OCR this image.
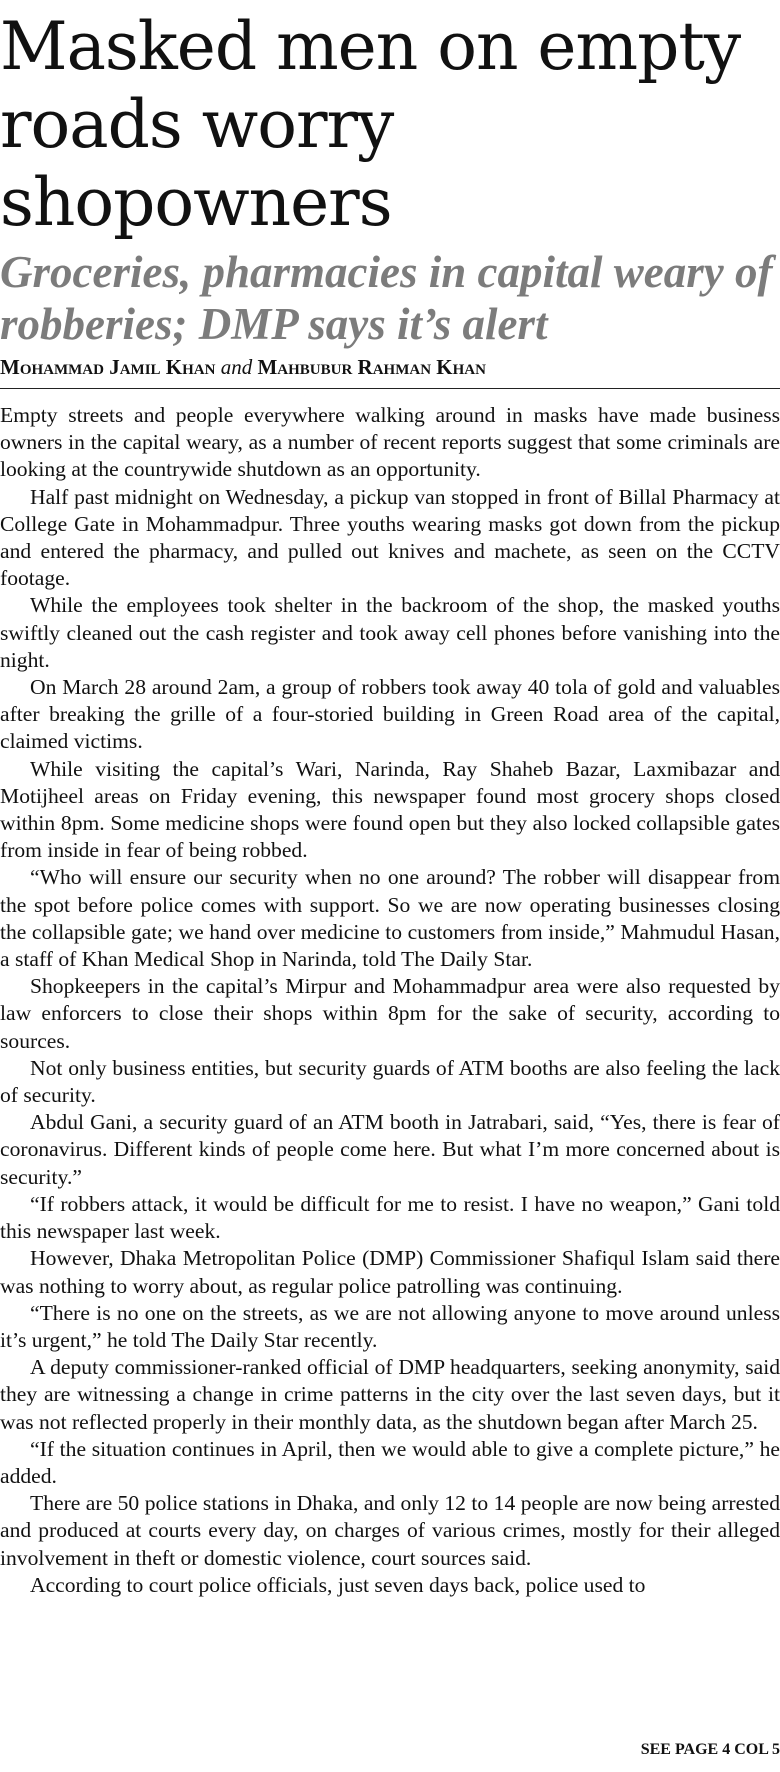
Masked men on empty roads worry shopowners
Groceries, pharmacies in capital weary of robberies; DMP says it’s alert
Mohammad Jamil Khan and Mahbubur Rahman Khan

Empty streets and people everywhere walking around in masks have made business owners in the capital weary, as a number of recent reports suggest that some criminals are looking at the countrywide shutdown as an opportunity.

Half past midnight on Wednesday, a pickup van stopped in front of Billal Pharmacy at College Gate in Mohammadpur. Three youths wearing masks got down from the pickup and entered the pharmacy, and pulled out knives and machete, as seen on the CCTV footage.

While the employees took shelter in the backroom of the shop, the masked youths swiftly cleaned out the cash register and took away cell phones before vanishing into the night.

On March 28 around 2am, a group of robbers took away 40 tola of gold and valuables after breaking the grille of a four-storied building in Green Road area of the capital, claimed victims.

While visiting the capital’s Wari, Narinda, Ray Shaheb Bazar, Laxmibazar and Motijheel areas on Friday evening, this newspaper found most grocery shops closed within 8pm. Some medicine shops were found open but they also locked collapsible gates from inside in fear of being robbed.

“Who will ensure our security when no one around? The robber will disappear from the spot before police comes with support. So we are now operating businesses closing the collapsible gate; we hand over medicine to customers from inside,” Mahmudul Hasan, a staff of Khan Medical Shop in Narinda, told The Daily Star.

Shopkeepers in the capital’s Mirpur and Mohammadpur area were also requested by law enforcers to close their shops within 8pm for the sake of security, according to sources.

Not only business entities, but security guards of ATM booths are also feeling the lack of security.

Abdul Gani, a security guard of an ATM booth in Jatrabari, said, “Yes, there is fear of coronavirus. Different kinds of people come here. But what I’m more concerned about is security.”

“If robbers attack, it would be difficult for me to resist. I have no weapon,” Gani told this newspaper last week.

However, Dhaka Metropolitan Police (DMP) Commissioner Shafiqul Islam said there was nothing to worry about, as regular police patrolling was continuing.

“There is no one on the streets, as we are not allowing anyone to move around unless it’s urgent,” he told The Daily Star recently.

A deputy commissioner-ranked official of DMP headquarters, seeking anonymity, said they are witnessing a change in crime patterns in the city over the last seven days, but it was not reflected properly in their monthly data, as the shutdown began after March 25.

“If the situation continues in April, then we would able to give a complete picture,” he added.

There are 50 police stations in Dhaka, and only 12 to 14 people are now being arrested and produced at courts every day, on charges of various crimes, mostly for their alleged involvement in theft or domestic violence, court sources said.

According to court police officials, just seven days back, police used to

SEE PAGE 4 COL 5
